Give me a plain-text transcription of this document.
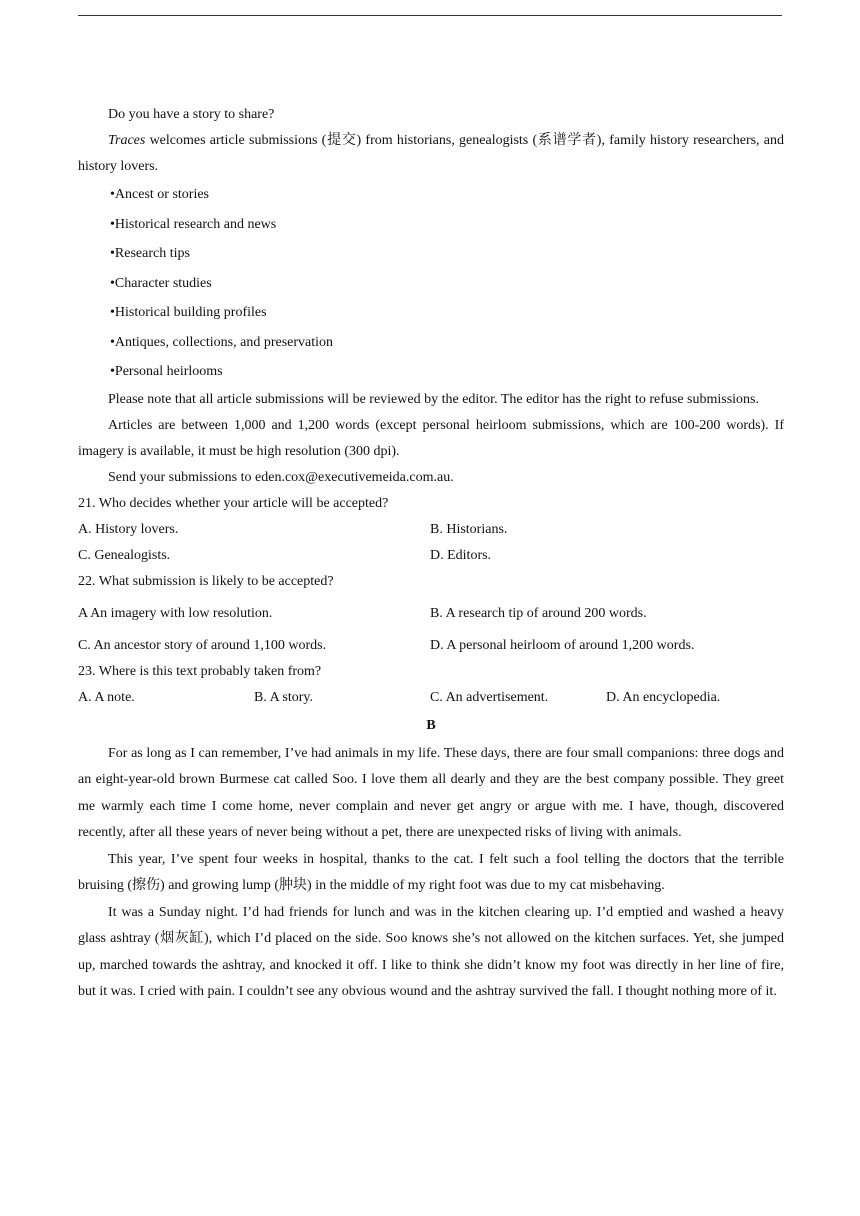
Do you have a story to share?

Traces welcomes article submissions (提交) from historians, genealogists (系谱学者), family history researchers, and history lovers.

•Ancest or stories

•Historical research and news

•Research tips

•Character studies

•Historical building profiles

•Antiques, collections, and preservation

•Personal heirlooms

Please note that all article submissions will be reviewed by the editor. The editor has the right to refuse submissions.

Articles are between 1,000 and 1,200 words (except personal heirloom submissions, which are 100-200 words). If imagery is available, it must be high resolution (300 dpi).

Send your submissions to eden.cox@executivemeida.com.au.

21. Who decides whether your article will be accepted?

A. History lovers.	B. Historians.
C. Genealogists.	D. Editors.

22. What submission is likely to be accepted?

A An imagery with low resolution.	B. A research tip of around 200 words.
C. An ancestor story of around 1,100 words.	D. A personal heirloom of around 1,200 words.

23. Where is this text probably taken from?

A. A note.	B. A story.	C. An advertisement.	D. An encyclopedia.

B

For as long as I can remember, I’ve had animals in my life. These days, there are four small companions: three dogs and an eight-year-old brown Burmese cat called Soo. I love them all dearly and they are the best company possible. They greet me warmly each time I come home, never complain and never get angry or argue with me. I have, though, discovered recently, after all these years of never being without a pet, there are unexpected risks of living with animals.

This year, I’ve spent four weeks in hospital, thanks to the cat. I felt such a fool telling the doctors that the terrible bruising (擦伤) and growing lump (肿块) in the middle of my right foot was due to my cat misbehaving.

It was a Sunday night. I’d had friends for lunch and was in the kitchen clearing up. I’d emptied and washed a heavy glass ashtray (烟灰缸), which I’d placed on the side. Soo knows she’s not allowed on the kitchen surfaces. Yet, she jumped up, marched towards the ashtray, and knocked it off. I like to think she didn’t know my foot was directly in her line of fire, but it was. I cried with pain. I couldn’t see any obvious wound and the ashtray survived the fall. I thought nothing more of it.
